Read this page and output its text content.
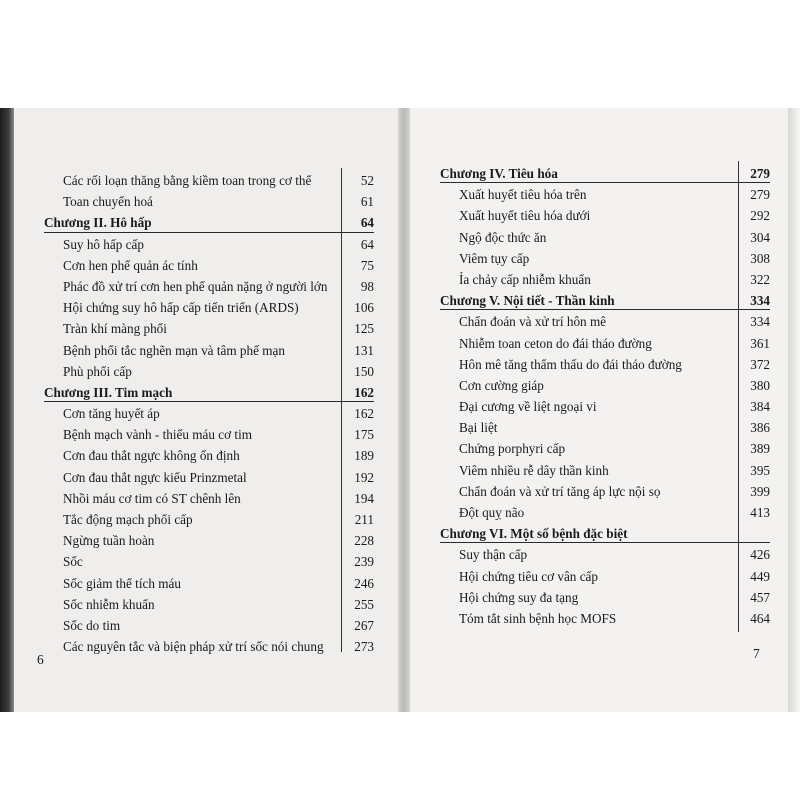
Các rối loạn thăng bằng kiềm toan trong cơ thể	52
Toan chuyển hoá	61
Chương II. Hô hấp	64
Suy hô hấp cấp	64
Cơn hen phế quản ác tính	75
Phác đồ xử trí cơn hen phế quản nặng ở người lớn	98
Hội chứng suy hô hấp cấp tiến triển (ARDS)	106
Tràn khí màng phổi	125
Bệnh phổi tắc nghẽn mạn và tâm phế mạn	131
Phù phổi cấp	150
Chương III. Tim mạch	162
Cơn tăng huyết áp	162
Bệnh mạch vành - thiếu máu cơ tim	175
Cơn đau thắt ngực không ổn định	189
Cơn đau thắt ngực kiểu Prinzmetal	192
Nhồi máu cơ tim có ST chênh lên	194
Tắc động mạch phổi cấp	211
Ngừng tuần hoàn	228
Sốc	239
Sốc giảm thể tích máu	246
Sốc nhiễm khuẩn	255
Sốc do tim	267
Các nguyên tắc và biện pháp xử trí sốc nói chung 273
Chương IV. Tiêu hóa	279
Xuất huyết tiêu hóa trên	279
Xuất huyết tiêu hóa dưới	292
Ngộ độc thức ăn	304
Viêm tụy cấp	308
Ỉa chảy cấp nhiễm khuẩn	322
Chương V. Nội tiết - Thần kinh	334
Chẩn đoán và xử trí hôn mê	334
Nhiễm toan ceton do đái tháo đường	361
Hôn mê tăng thẩm thấu do đái tháo đường	372
Cơn cường giáp	380
Đại cương về liệt ngoại vi	384
Bại liệt	386
Chứng porphyri cấp	389
Viêm nhiều rễ dây thần kinh	395
Chẩn đoán và xử trí tăng áp lực nội sọ	399
Đột quỵ não	413
Chương VI. Một số bệnh đặc biệt
Suy thận cấp	426
Hội chứng tiêu cơ vân cấp	449
Hội chứng suy đa tạng	457
Tóm tắt sinh bệnh học MOFS	464
6	7
